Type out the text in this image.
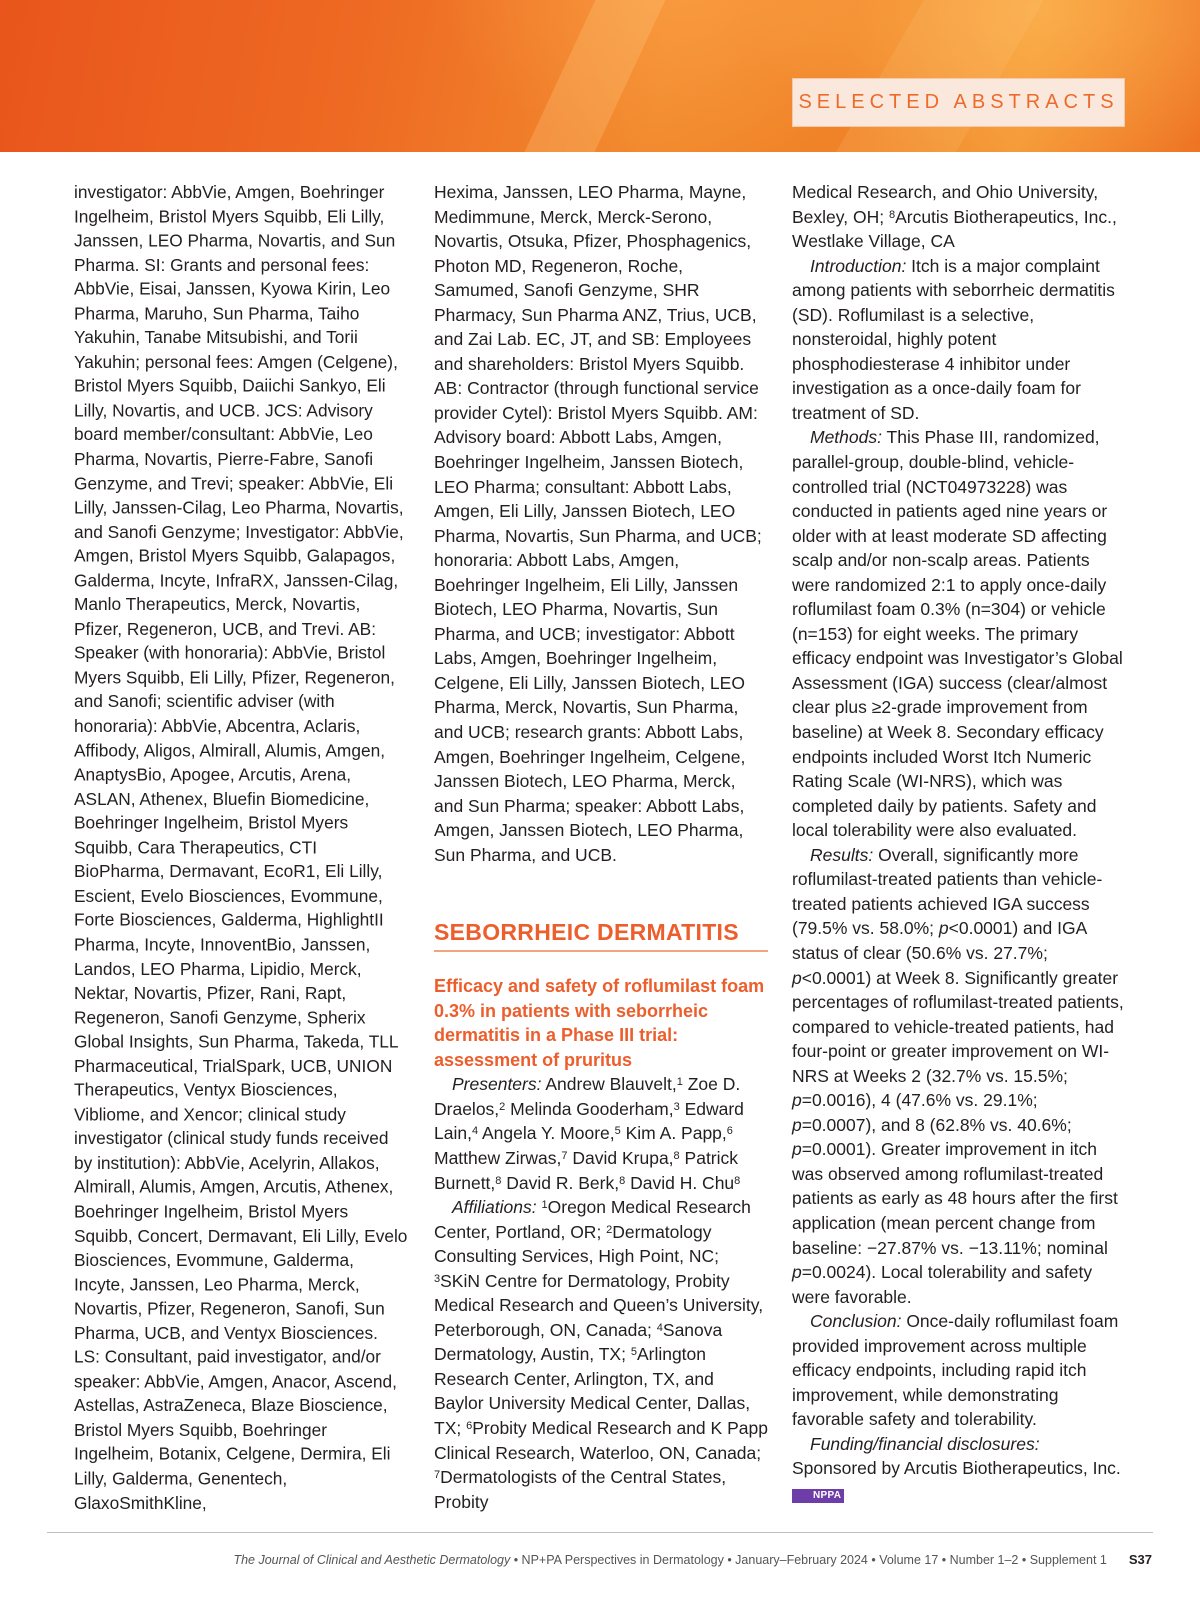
SELECTED ABSTRACTS

investigator: AbbVie, Amgen, Boehringer Ingelheim, Bristol Myers Squibb, Eli Lilly, Janssen, LEO Pharma, Novartis, and Sun Pharma. SI: Grants and personal fees: AbbVie, Eisai, Janssen, Kyowa Kirin, Leo Pharma, Maruho, Sun Pharma, Taiho Yakuhin, Tanabe Mitsubishi, and Torii Yakuhin; personal fees: Amgen (Celgene), Bristol Myers Squibb, Daiichi Sankyo, Eli Lilly, Novartis, and UCB. JCS: Advisory board member/consultant: AbbVie, Leo Pharma, Novartis, Pierre-Fabre, Sanofi Genzyme, and Trevi; speaker: AbbVie, Eli Lilly, Janssen-Cilag, Leo Pharma, Novartis, and Sanofi Genzyme; Investigator: AbbVie, Amgen, Bristol Myers Squibb, Galapagos, Galderma, Incyte, InfraRX, Janssen-Cilag, Manlo Therapeutics, Merck, Novartis, Pfizer, Regeneron, UCB, and Trevi. AB: Speaker (with honoraria): AbbVie, Bristol Myers Squibb, Eli Lilly, Pfizer, Regeneron, and Sanofi; scientific adviser (with honoraria): AbbVie, Abcentra, Aclaris, Affibody, Aligos, Almirall, Alumis, Amgen, AnaptysBio, Apogee, Arcutis, Arena, ASLAN, Athenex, Bluefin Biomedicine, Boehringer Ingelheim, Bristol Myers Squibb, Cara Therapeutics, CTI BioPharma, Dermavant, EcoR1, Eli Lilly, Escient, Evelo Biosciences, Evommune, Forte Biosciences, Galderma, HighlightII Pharma, Incyte, InnoventBio, Janssen, Landos, LEO Pharma, Lipidio, Merck, Nektar, Novartis, Pfizer, Rani, Rapt, Regeneron, Sanofi Genzyme, Spherix Global Insights, Sun Pharma, Takeda, TLL Pharmaceutical, TrialSpark, UCB, UNION Therapeutics, Ventyx Biosciences, Vibliome, and Xencor; clinical study investigator (clinical study funds received by institution): AbbVie, Acelyrin, Allakos, Almirall, Alumis, Amgen, Arcutis, Athenex, Boehringer Ingelheim, Bristol Myers Squibb, Concert, Dermavant, Eli Lilly, Evelo Biosciences, Evommune, Galderma, Incyte, Janssen, Leo Pharma, Merck, Novartis, Pfizer, Regeneron, Sanofi, Sun Pharma, UCB, and Ventyx Biosciences. LS: Consultant, paid investigator, and/or speaker: AbbVie, Amgen, Anacor, Ascend, Astellas, AstraZeneca, Blaze Bioscience, Bristol Myers Squibb, Boehringer Ingelheim, Botanix, Celgene, Dermira, Eli Lilly, Galderma, Genentech, GlaxoSmithKline,

Hexima, Janssen, LEO Pharma, Mayne, Medimmune, Merck, Merck-Serono, Novartis, Otsuka, Pfizer, Phosphagenics, Photon MD, Regeneron, Roche, Samumed, Sanofi Genzyme, SHR Pharmacy, Sun Pharma ANZ, Trius, UCB, and Zai Lab. EC, JT, and SB: Employees and shareholders: Bristol Myers Squibb. AB: Contractor (through functional service provider Cytel): Bristol Myers Squibb. AM: Advisory board: Abbott Labs, Amgen, Boehringer Ingelheim, Janssen Biotech, LEO Pharma; consultant: Abbott Labs, Amgen, Eli Lilly, Janssen Biotech, LEO Pharma, Novartis, Sun Pharma, and UCB; honoraria: Abbott Labs, Amgen, Boehringer Ingelheim, Eli Lilly, Janssen Biotech, LEO Pharma, Novartis, Sun Pharma, and UCB; investigator: Abbott Labs, Amgen, Boehringer Ingelheim, Celgene, Eli Lilly, Janssen Biotech, LEO Pharma, Merck, Novartis, Sun Pharma, and UCB; research grants: Abbott Labs, Amgen, Boehringer Ingelheim, Celgene, Janssen Biotech, LEO Pharma, Merck, and Sun Pharma; speaker: Abbott Labs, Amgen, Janssen Biotech, LEO Pharma, Sun Pharma, and UCB.

SEBORRHEIC DERMATITIS
Efficacy and safety of roflumilast foam 0.3% in patients with seborrheic dermatitis in a Phase III trial: assessment of pruritus

Presenters: Andrew Blauvelt,$^1$ Zoe D. Draelos,$^2$ Melinda Gooderham,$^3$ Edward Lain,$^4$ Angela Y. Moore,$^5$ Kim A. Papp,$^6$ Matthew Zirwas,$^7$ David Krupa,$^8$ Patrick Burnett,$^8$ David R. Berk,$^8$ David H. Chu$^8$

Affiliations: $^1$Oregon Medical Research Center, Portland, OR; $^2$Dermatology Consulting Services, High Point, NC; $^3$SKiN Centre for Dermatology, Probity Medical Research and Queen’s University, Peterborough, ON, Canada; $^4$Sanova Dermatology, Austin, TX; $^5$Arlington Research Center, Arlington, TX, and Baylor University Medical Center, Dallas, TX; $^6$Probity Medical Research and K Papp Clinical Research, Waterloo, ON, Canada; $^7$Dermatologists of the Central States, Probity

Medical Research, and Ohio University, Bexley, OH; $^8$Arcutis Biotherapeutics, Inc., Westlake Village, CA

Introduction: Itch is a major complaint among patients with seborrheic dermatitis (SD). Roflumilast is a selective, nonsteroidal, highly potent phosphodiesterase 4 inhibitor under investigation as a once-daily foam for treatment of SD.

Methods: This Phase III, randomized, parallel-group, double-blind, vehicle-controlled trial (NCT04973228) was conducted in patients aged nine years or older with at least moderate SD affecting scalp and/or non-scalp areas. Patients were randomized 2:1 to apply once-daily roflumilast foam 0.3% (n=304) or vehicle (n=153) for eight weeks. The primary efficacy endpoint was Investigator’s Global Assessment (IGA) success (clear/almost clear plus ≥2-grade improvement from baseline) at Week 8. Secondary efficacy endpoints included Worst Itch Numeric Rating Scale (WI-NRS), which was completed daily by patients. Safety and local tolerability were also evaluated.

Results: Overall, significantly more roflumilast-treated patients than vehicle-treated patients achieved IGA success (79.5% vs. 58.0%; p<0.0001) and IGA status of clear (50.6% vs. 27.7%; p<0.0001) at Week 8. Significantly greater percentages of roflumilast-treated patients, compared to vehicle-treated patients, had four-point or greater improvement on WI-NRS at Weeks 2 (32.7% vs. 15.5%; p=0.0016), 4 (47.6% vs. 29.1%; p=0.0007), and 8 (62.8% vs. 40.6%; p=0.0001). Greater improvement in itch was observed among roflumilast-treated patients as early as 48 hours after the first application (mean percent change from baseline: −27.87% vs. −13.11%; nominal p=0.0024). Local tolerability and safety were favorable.

Conclusion: Once-daily roflumilast foam provided improvement across multiple efficacy endpoints, including rapid itch improvement, while demonstrating favorable safety and tolerability.

Funding/financial disclosures: Sponsored by Arcutis Biotherapeutics, Inc. NPPA

The Journal of Clinical and Aesthetic Dermatology • NP+PA Perspectives in Dermatology • January–February 2024 • Volume 17 • Number 1–2 • Supplement 1 S37
